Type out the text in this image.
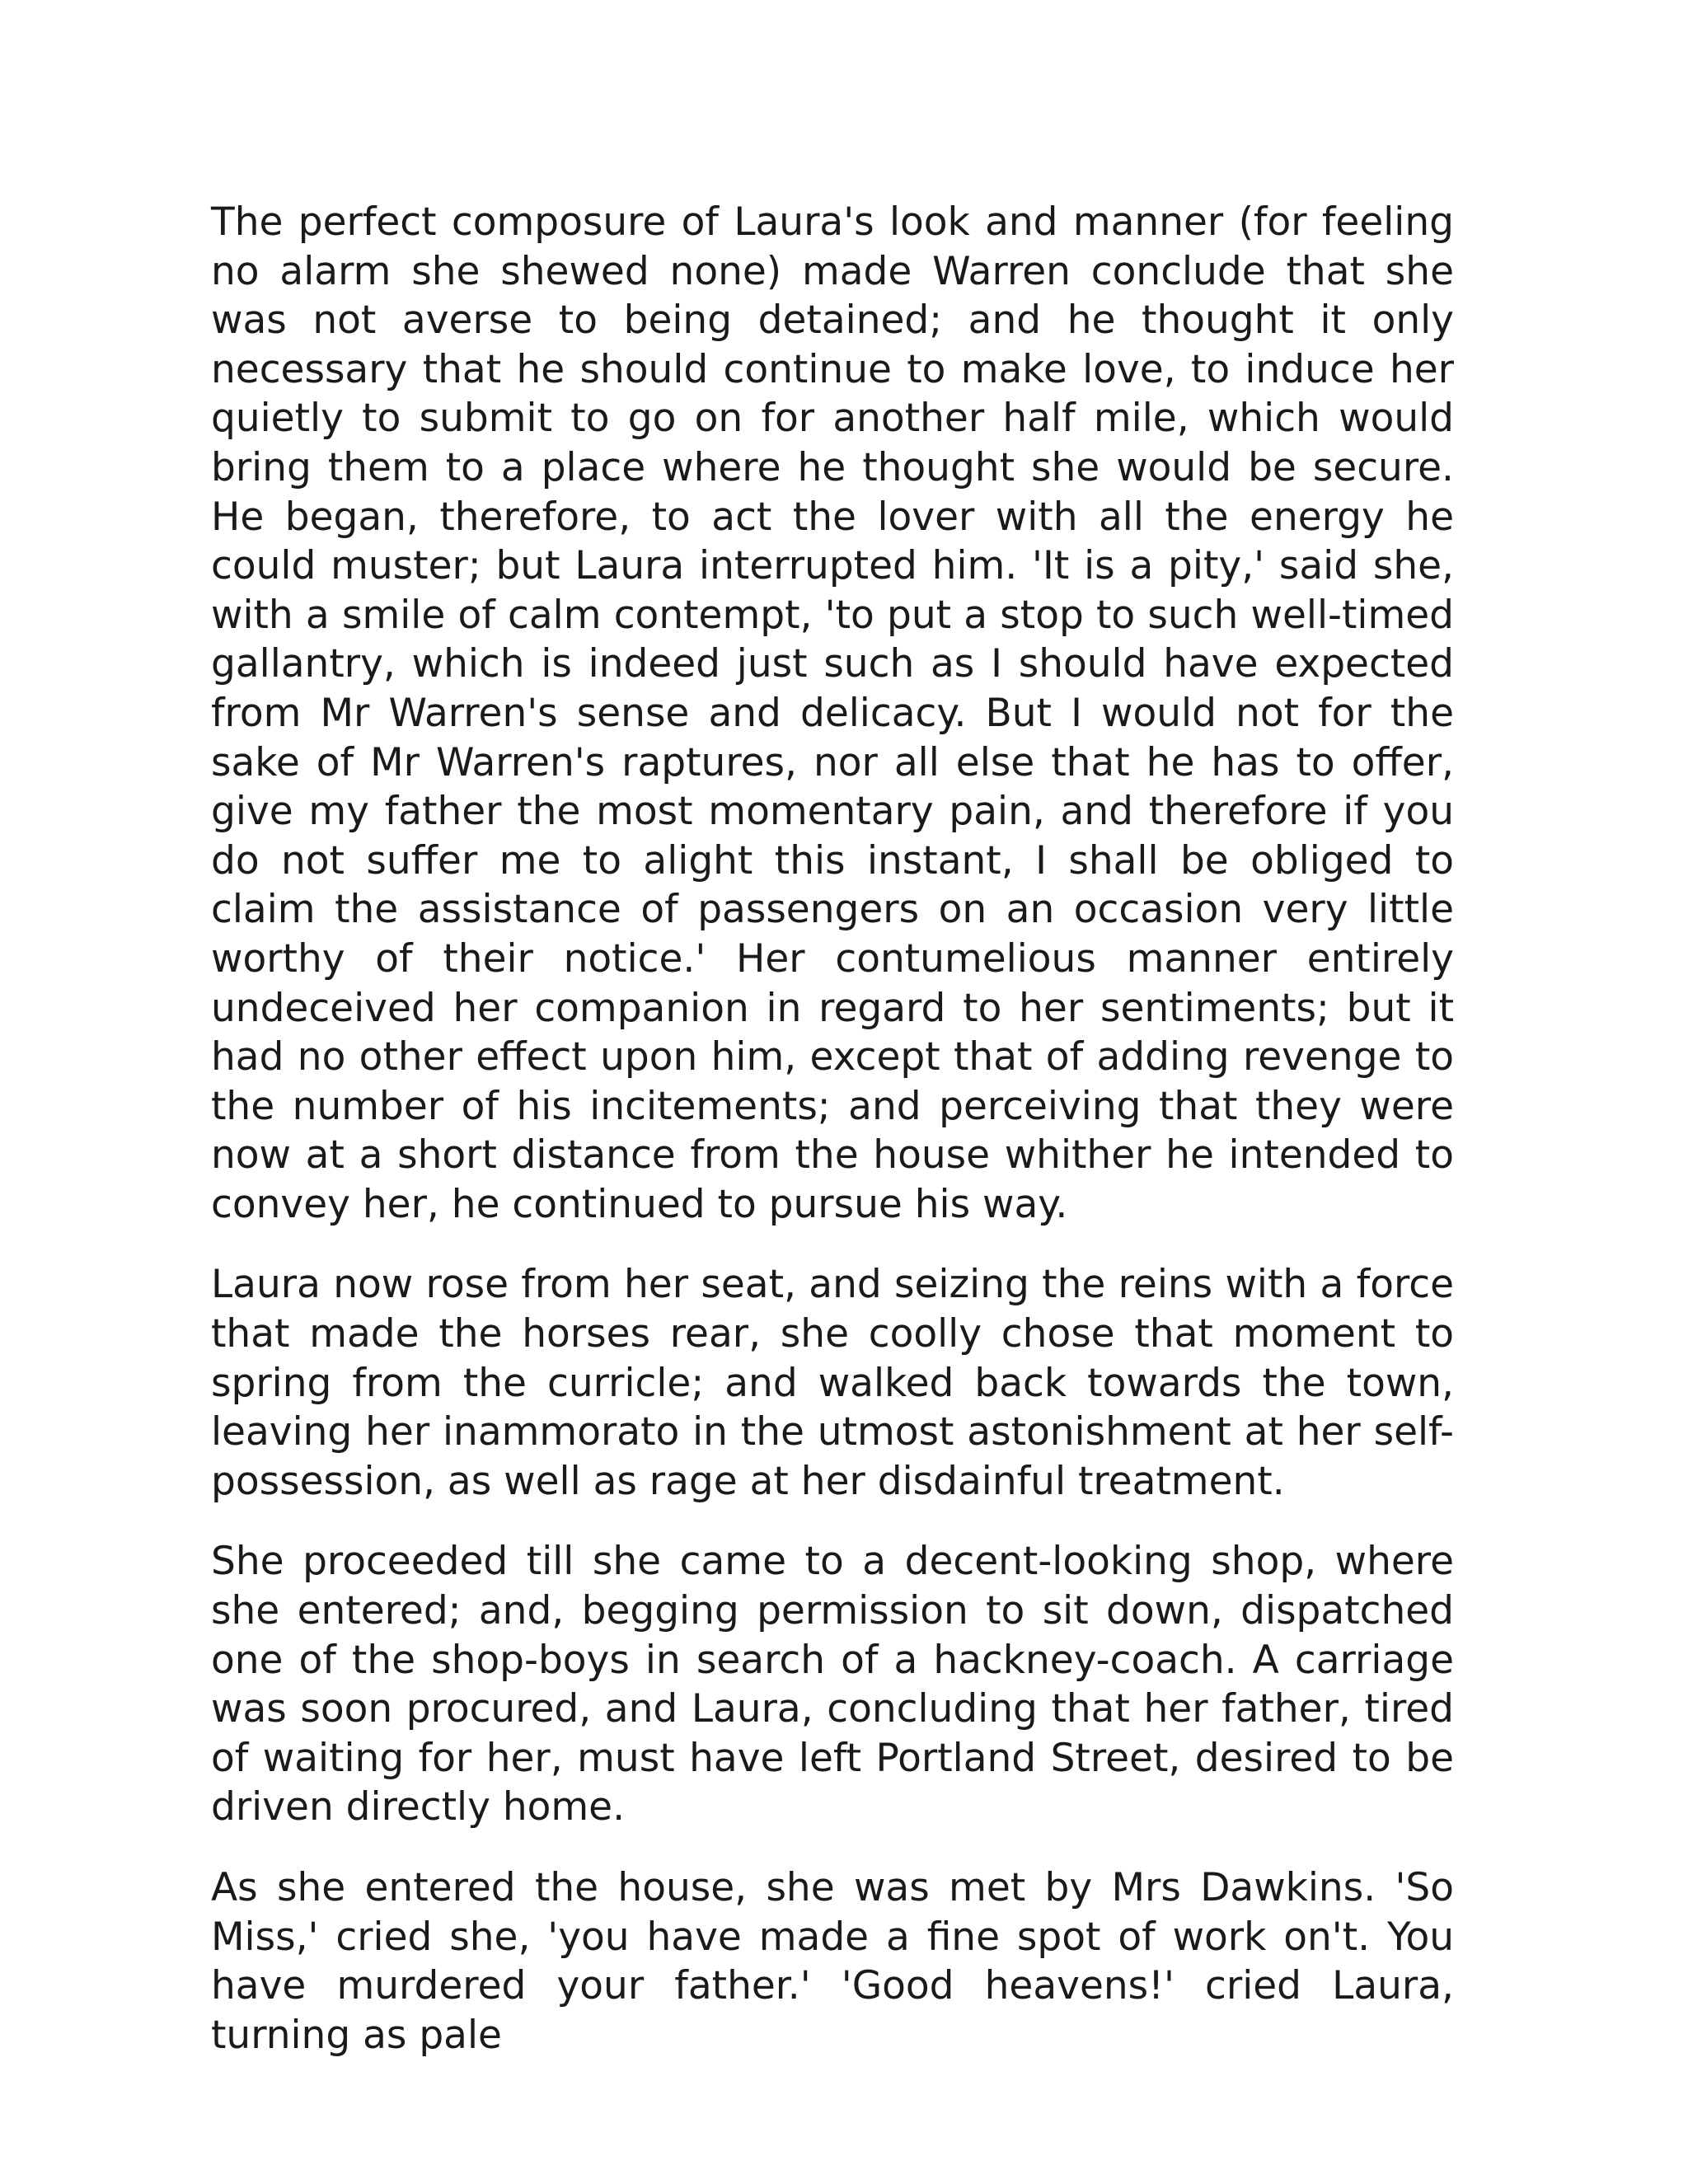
The perfect composure of Laura's look and manner (for feeling no alarm she shewed none) made Warren conclude that she was not averse to being detained; and he thought it only necessary that he should continue to make love, to induce her quietly to submit to go on for another half mile, which would bring them to a place where he thought she would be secure. He began, therefore, to act the lover with all the energy he could muster; but Laura interrupted him. 'It is a pity,' said she, with a smile of calm contempt, 'to put a stop to such well-timed gallantry, which is indeed just such as I should have expected from Mr Warren's sense and delicacy. But I would not for the sake of Mr Warren's raptures, nor all else that he has to offer, give my father the most momentary pain, and therefore if you do not suffer me to alight this instant, I shall be obliged to claim the assistance of passengers on an occasion very little worthy of their notice.' Her contumelious manner entirely undeceived her companion in regard to her sentiments; but it had no other effect upon him, except that of adding revenge to the number of his incitements; and perceiving that they were now at a short distance from the house whither he intended to convey her, he continued to pursue his way.

Laura now rose from her seat, and seizing the reins with a force that made the horses rear, she coolly chose that moment to spring from the curricle; and walked back towards the town, leaving her inammorato in the utmost astonishment at her self-possession, as well as rage at her disdainful treatment.

She proceeded till she came to a decent-looking shop, where she entered; and, begging permission to sit down, dispatched one of the shop-boys in search of a hackney-coach. A carriage was soon procured, and Laura, concluding that her father, tired of waiting for her, must have left Portland Street, desired to be driven directly home.

As she entered the house, she was met by Mrs Dawkins. 'So Miss,' cried she, 'you have made a fine spot of work on't. You have murdered your father.' 'Good heavens!' cried Laura, turning as pale
